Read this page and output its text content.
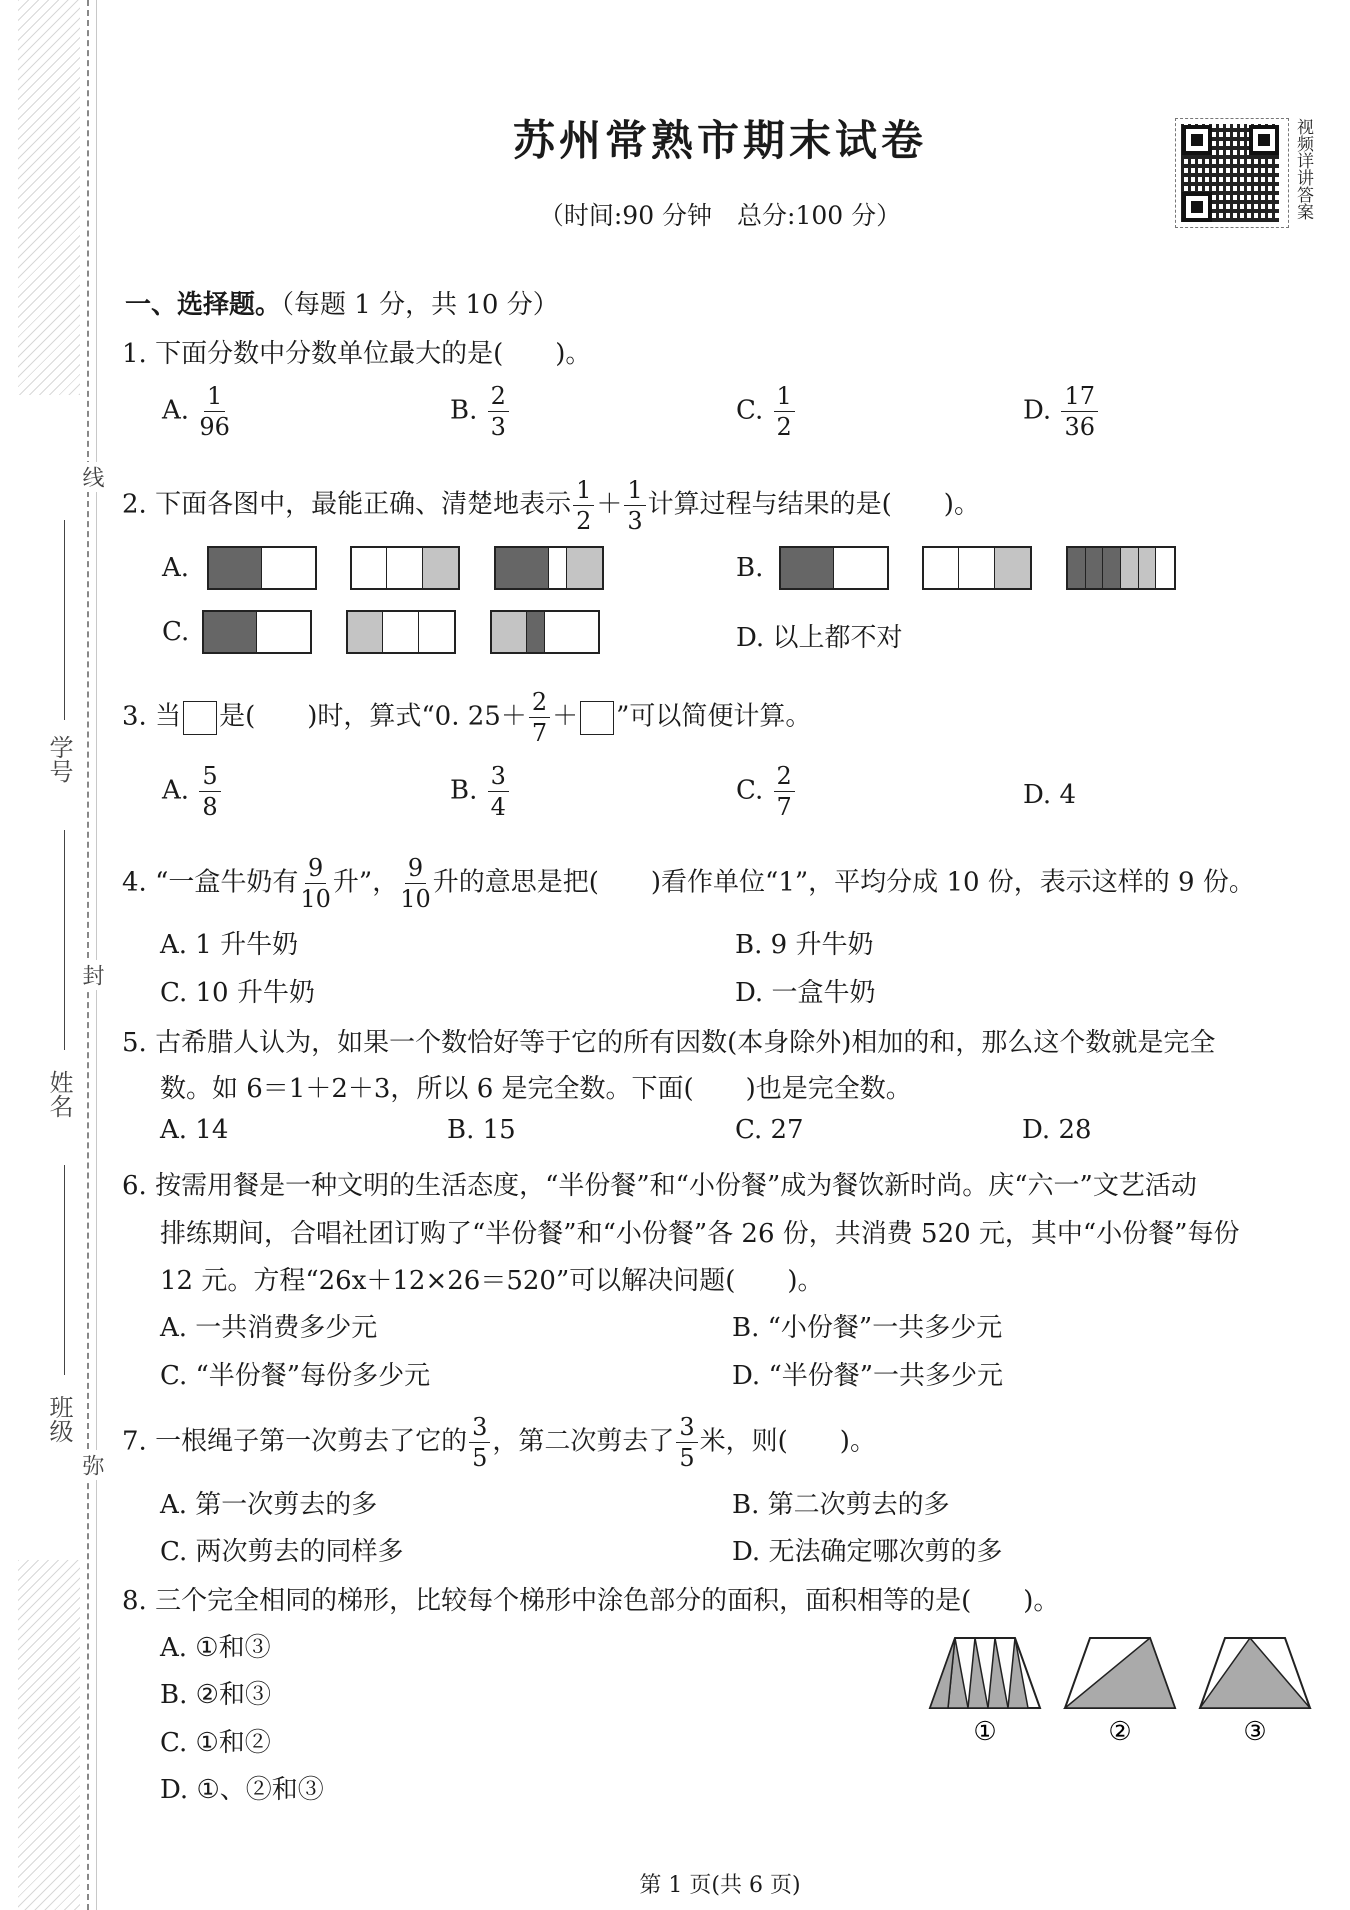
线
封
弥
学号
姓名
班级
苏州常熟市期末试卷
（时间:90 分钟　总分:100 分）	视频详讲答案
一、选择题。（每题 1 分，共 10 分）
1. 下面分数中分数单位最大的是(　　)。
A. $\frac{1}{96}$	B. $\frac{2}{3}$	C. $\frac{1}{2}$	D. $\frac{17}{36}$
2. 下面各图中，最能正确、清楚地表示 $\frac{1}{2} + \frac{1}{3}$ 计算过程与结果的是(　　)。
A.	B.
C.	D. 以上都不对
3. 当 是(　　)时，算式“0. $25+ \frac{2}{7}$ ＋ ”可以简便计算。
A. $\frac{5}{8}$	B. $\frac{3}{4}$	C. $\frac{2}{7}$	D. 4
4. “一盒牛奶有 $\frac{9}{10}$ 升”， $\frac{9}{10}$ 升的意思是把(　　)看作单位“1”，平均分成 10 份，表示这样的 9 份。
A. 1 升牛奶	B. 9 升牛奶
C. 10 升牛奶	D. 一盒牛奶
5. 古希腊人认为，如果一个数恰好等于它的所有因数(本身除外)相加的和，那么这个数就是完全
数。如 6＝1＋2＋3，所以 6 是完全数。下面(　　)也是完全数。
A. 14	B. 15	C. 27	D. 28
6. 按需用餐是一种文明的生活态度，“半份餐”和“小份餐”成为餐饮新时尚。庆“六一”文艺活动
排练期间，合唱社团订购了“半份餐”和“小份餐”各 26 份，共消费 520 元，其中“小份餐”每份
12 元。方程“26x＋12×26＝520”可以解决问题(　　)。
A. 一共消费多少元	B. “小份餐”一共多少元
C. “半份餐”每份多少元	D. “半份餐”一共多少元
7. 一根绳子第一次剪去了它的 $\frac{3}{5}$ ，第二次剪去了 $\frac{3}{5}$ 米，则(　　)。
A. 第一次剪去的多	B. 第二次剪去的多
C. 两次剪去的同样多	D. 无法确定哪次剪的多
8. 三个完全相同的梯形，比较每个梯形中涂色部分的面积，面积相等的是(　　)。
A. ①和③
B. ②和③
C. ①和②
D. ①、②和③
①	②	③
第 1 页(共 6 页)
